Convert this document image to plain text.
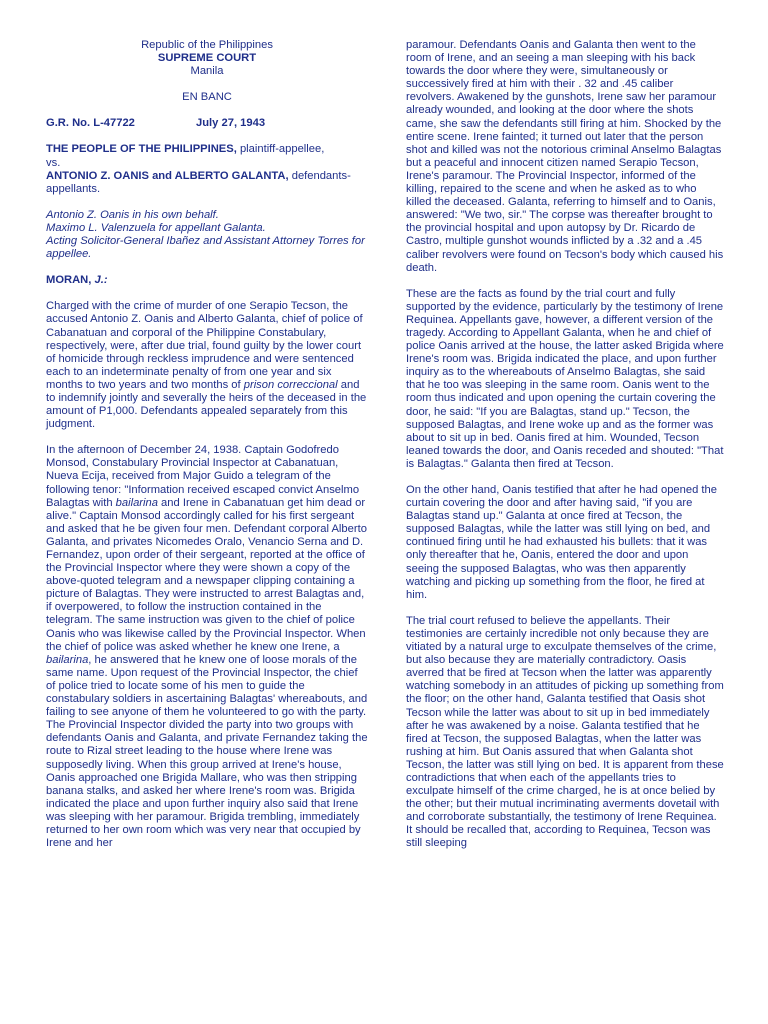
Republic of the Philippines

SUPREME COURT

Manila

EN BANC

G.R. No. L-47722	July 27, 1943

THE PEOPLE OF THE PHILIPPINES, plaintiff-appellee,

vs.

ANTONIO Z. OANIS and ALBERTO GALANTA, defendants-appellants.

Antonio Z. Oanis in his own behalf.

Maximo L. Valenzuela for appellant Galanta.

Acting Solicitor-General Ibañez and Assistant Attorney Torres for appellee.

MORAN, J.:

Charged with the crime of murder of one Serapio Tecson, the accused Antonio Z. Oanis and Alberto Galanta, chief of police of Cabanatuan and corporal of the Philippine Constabulary, respectively, were, after due trial, found guilty by the lower court of homicide through reckless imprudence and were sentenced each to an indeterminate penalty of from one year and six months to two years and two months of prison correccional and to indemnify jointly and severally the heirs of the deceased in the amount of P1,000. Defendants appealed separately from this judgment.

In the afternoon of December 24, 1938. Captain Godofredo Monsod, Constabulary Provincial Inspector at Cabanatuan, Nueva Ecija, received from Major Guido a telegram of the following tenor: "Information received escaped convict Anselmo Balagtas with bailarina and Irene in Cabanatuan get him dead or alive." Captain Monsod accordingly called for his first sergeant and asked that he be given four men. Defendant corporal Alberto Galanta, and privates Nicomedes Oralo, Venancio Serna and D. Fernandez, upon order of their sergeant, reported at the office of the Provincial Inspector where they were shown a copy of the above-quoted telegram and a newspaper clipping containing a picture of Balagtas. They were instructed to arrest Balagtas and, if overpowered, to follow the instruction contained in the telegram. The same instruction was given to the chief of police Oanis who was likewise called by the Provincial Inspector. When the chief of police was asked whether he knew one Irene, a bailarina, he answered that he knew one of loose morals of the same name. Upon request of the Provincial Inspector, the chief of police tried to locate some of his men to guide the constabulary soldiers in ascertaining Balagtas' whereabouts, and failing to see anyone of them he volunteered to go with the party. The Provincial Inspector divided the party into two groups with defendants Oanis and Galanta, and private Fernandez taking the route to Rizal street leading to the house where Irene was supposedly living. When this group arrived at Irene's house, Oanis approached one Brigida Mallare, who was then stripping banana stalks, and asked her where Irene's room was. Brigida indicated the place and upon further inquiry also said that Irene was sleeping with her paramour. Brigida trembling, immediately returned to her own room which was very near that occupied by Irene and her

paramour. Defendants Oanis and Galanta then went to the room of Irene, and an seeing a man sleeping with his back towards the door where they were, simultaneously or successively fired at him with their . 32 and .45 caliber revolvers. Awakened by the gunshots, Irene saw her paramour already wounded, and looking at the door where the shots came, she saw the defendants still firing at him. Shocked by the entire scene. Irene fainted; it turned out later that the person shot and killed was not the notorious criminal Anselmo Balagtas but a peaceful and innocent citizen named Serapio Tecson, Irene's paramour. The Provincial Inspector, informed of the killing, repaired to the scene and when he asked as to who killed the deceased. Galanta, referring to himself and to Oanis, answered: "We two, sir." The corpse was thereafter brought to the provincial hospital and upon autopsy by Dr. Ricardo de Castro, multiple gunshot wounds inflicted by a .32 and a .45 caliber revolvers were found on Tecson's body which caused his death.

These are the facts as found by the trial court and fully supported by the evidence, particularly by the testimony of Irene Requinea. Appellants gave, however, a different version of the tragedy. According to Appellant Galanta, when he and chief of police Oanis arrived at the house, the latter asked Brigida where Irene's room was. Brigida indicated the place, and upon further inquiry as to the whereabouts of Anselmo Balagtas, she said that he too was sleeping in the same room. Oanis went to the room thus indicated and upon opening the curtain covering the door, he said: "If you are Balagtas, stand up." Tecson, the supposed Balagtas, and Irene woke up and as the former was about to sit up in bed. Oanis fired at him. Wounded, Tecson leaned towards the door, and Oanis receded and shouted: "That is Balagtas." Galanta then fired at Tecson.

On the other hand, Oanis testified that after he had opened the curtain covering the door and after having said, "if you are Balagtas stand up." Galanta at once fired at Tecson, the supposed Balagtas, while the latter was still lying on bed, and continued firing until he had exhausted his bullets: that it was only thereafter that he, Oanis, entered the door and upon seeing the supposed Balagtas, who was then apparently watching and picking up something from the floor, he fired at him.

The trial court refused to believe the appellants. Their testimonies are certainly incredible not only because they are vitiated by a natural urge to exculpate themselves of the crime, but also because they are materially contradictory. Oasis averred that be fired at Tecson when the latter was apparently watching somebody in an attitudes of picking up something from the floor; on the other hand, Galanta testified that Oasis shot Tecson while the latter was about to sit up in bed immediately after he was awakened by a noise. Galanta testified that he fired at Tecson, the supposed Balagtas, when the latter was rushing at him. But Oanis assured that when Galanta shot Tecson, the latter was still lying on bed. It is apparent from these contradictions that when each of the appellants tries to exculpate himself of the crime charged, he is at once belied by the other; but their mutual incriminating averments dovetail with and corroborate substantially, the testimony of Irene Requinea. It should be recalled that, according to Requinea, Tecson was still sleeping
